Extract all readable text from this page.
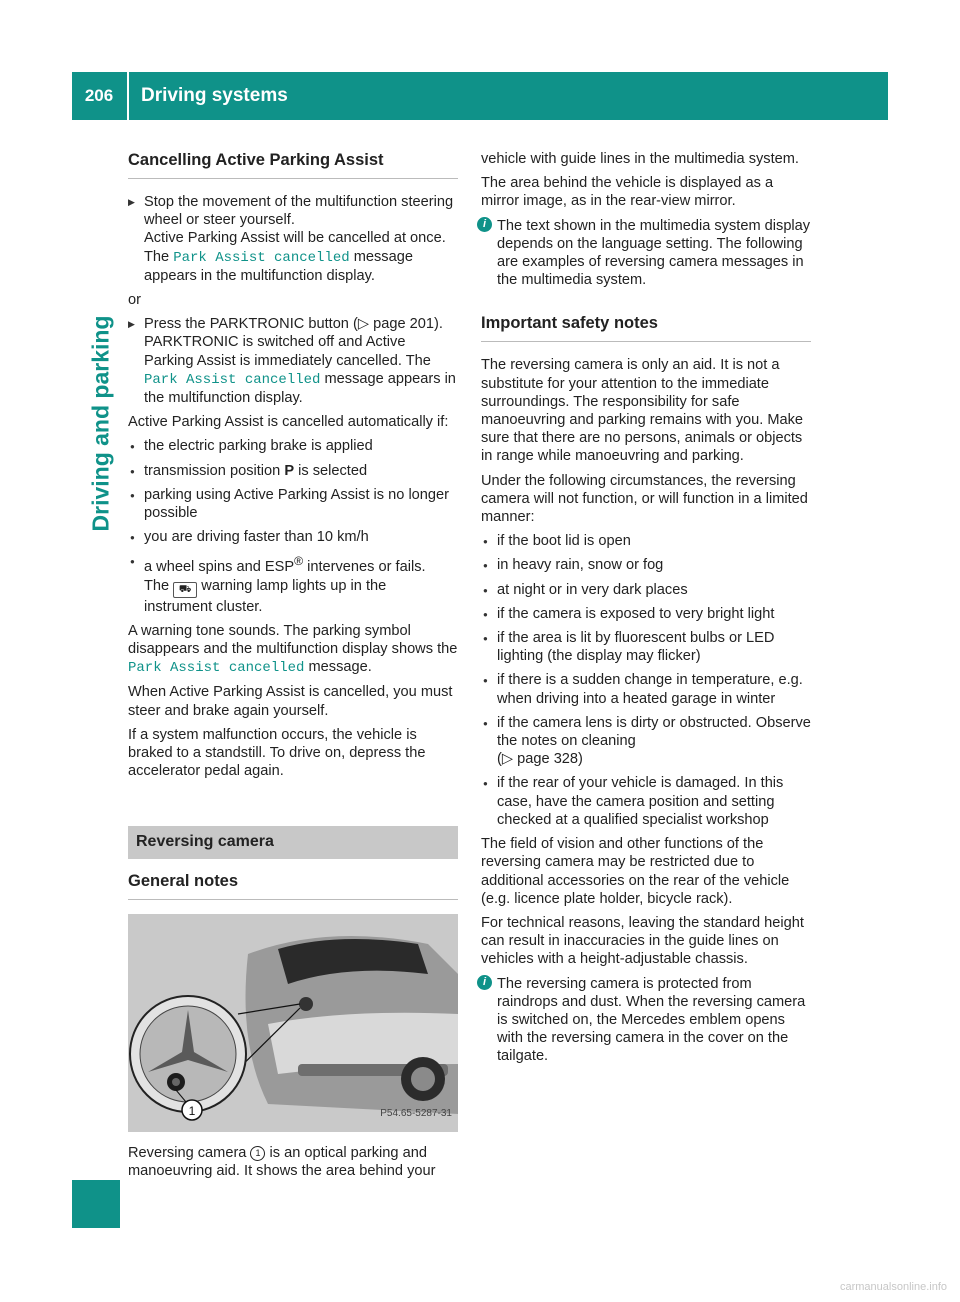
206	Driving systems
Driving and parking
Cancelling Active Parking Assist
▶ Stop the movement of the multifunction steering wheel or steer yourself.
Active Parking Assist will be cancelled at once. The Park Assist cancelled message appears in the multifunction display.

or

▶ Press the PARKTRONIC button (▷ page 201).
PARKTRONIC is switched off and Active Parking Assist is immediately cancelled. The Park Assist cancelled message appears in the multifunction display.

Active Parking Assist is cancelled automatically if:

● the electric parking brake is applied
● transmission position P is selected
● parking using Active Parking Assist is no longer possible
● you are driving faster than 10 km/h
● a wheel spins and ESP® intervenes or fails.
The ⛟ warning lamp lights up in the instrument cluster.

A warning tone sounds. The parking symbol disappears and the multifunction display shows the Park Assist cancelled message.

When Active Parking Assist is cancelled, you must steer and brake again yourself.

If a system malfunction occurs, the vehicle is braked to a standstill. To drive on, depress the accelerator pedal again.

Reversing camera
General notes
1	P54.65-5287-31

Reversing camera 1 is an optical parking and manoeuvring aid. It shows the area behind your

vehicle with guide lines in the multimedia system.

The area behind the vehicle is displayed as a mirror image, as in the rear-view mirror.

i The text shown in the multimedia system display depends on the language setting. The following are examples of reversing camera messages in the multimedia system.
Important safety notes

The reversing camera is only an aid. It is not a substitute for your attention to the immediate surroundings. The responsibility for safe manoeuvring and parking remains with you. Make sure that there are no persons, animals or objects in range while manoeuvring and parking.

Under the following circumstances, the reversing camera will not function, or will function in a limited manner:

● if the boot lid is open
● in heavy rain, snow or fog
● at night or in very dark places
● if the camera is exposed to very bright light
● if the area is lit by fluorescent bulbs or LED lighting (the display may flicker)
● if there is a sudden change in temperature, e.g. when driving into a heated garage in winter
● if the camera lens is dirty or obstructed. Observe the notes on cleaning
(▷ page 328)
● if the rear of your vehicle is damaged. In this case, have the camera position and setting checked at a qualified specialist workshop

The field of vision and other functions of the reversing camera may be restricted due to additional accessories on the rear of the vehicle (e.g. licence plate holder, bicycle rack).

For technical reasons, leaving the standard height can result in inaccuracies in the guide lines on vehicles with a height-adjustable chassis.

i The reversing camera is protected from raindrops and dust. When the reversing camera is switched on, the Mercedes emblem opens with the reversing camera in the cover on the tailgate.
carmanualsonline.info
